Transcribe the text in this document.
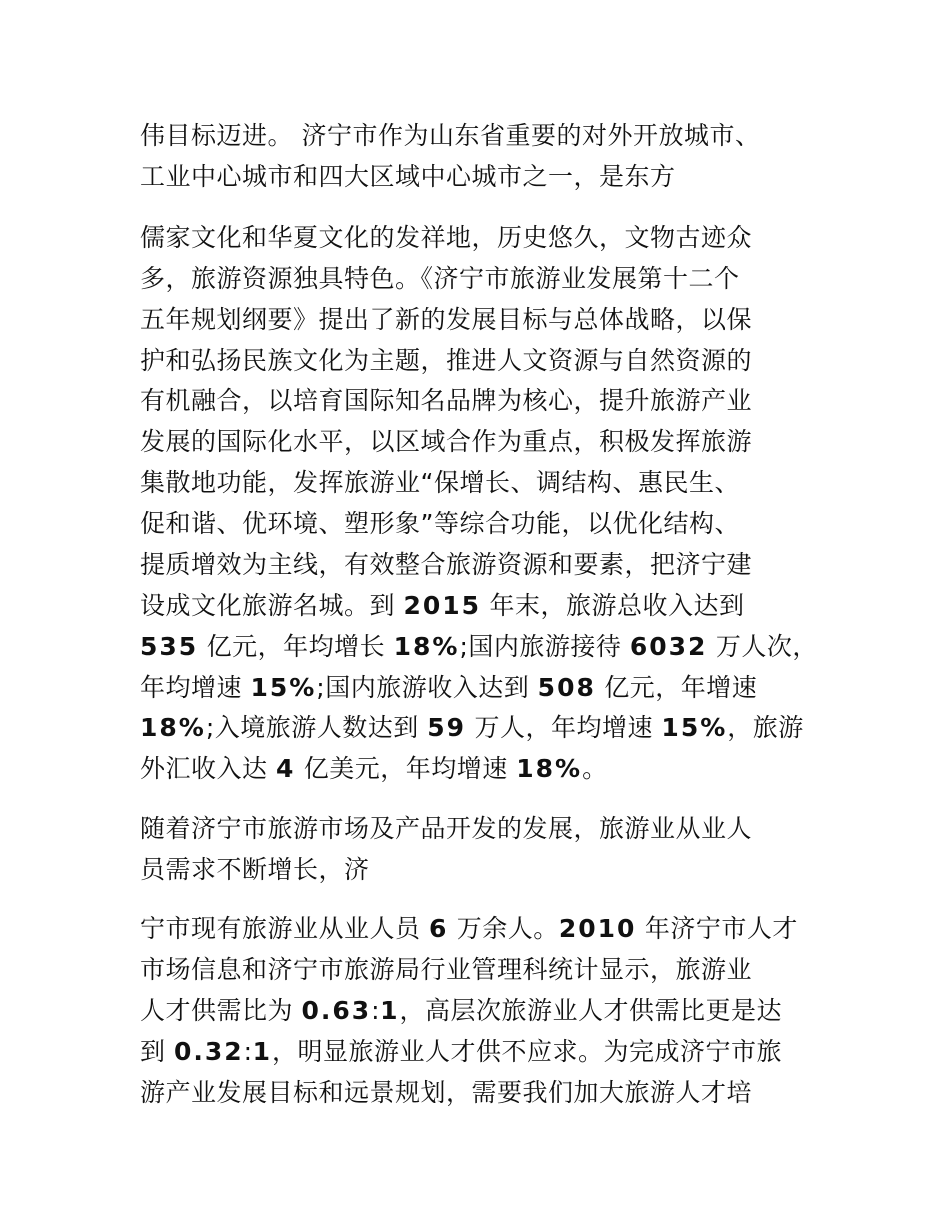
伟目标迈进。 济宁市作为山东省重要的对外开放城市、
工业中心城市和四大区域中心城市之一，是东方
儒家文化和华夏文化的发祥地，历史悠久，文物古迹众
多，旅游资源独具特色。《济宁市旅游业发展第十二个
五年规划纲要》提出了新的发展目标与总体战略，以保
护和弘扬民族文化为主题，推进人文资源与自然资源的
有机融合，以培育国际知名品牌为核心，提升旅游产业
发展的国际化水平，以区域合作为重点，积极发挥旅游
集散地功能，发挥旅游业“保增长、调结构、惠民生、
促和谐、优环境、塑形象”等综合功能，以优化结构、
提质增效为主线，有效整合旅游资源和要素，把济宁建
设成文化旅游名城。到 2015 年末，旅游总收入达到
535 亿元，年均增长 18%;国内旅游接待 6032 万人次，
年均增速 15%;国内旅游收入达到 508 亿元，年增速
18%;入境旅游人数达到 59 万人，年均增速 15%，旅游
外汇收入达 4 亿美元，年均增速 18%。
随着济宁市旅游市场及产品开发的发展，旅游业从业人
员需求不断增长，济
宁市现有旅游业从业人员 6 万余人。2010 年济宁市人才
市场信息和济宁市旅游局行业管理科统计显示，旅游业
人才供需比为 0.63:1，高层次旅游业人才供需比更是达
到 0.32:1，明显旅游业人才供不应求。为完成济宁市旅
游产业发展目标和远景规划，需要我们加大旅游人才培
